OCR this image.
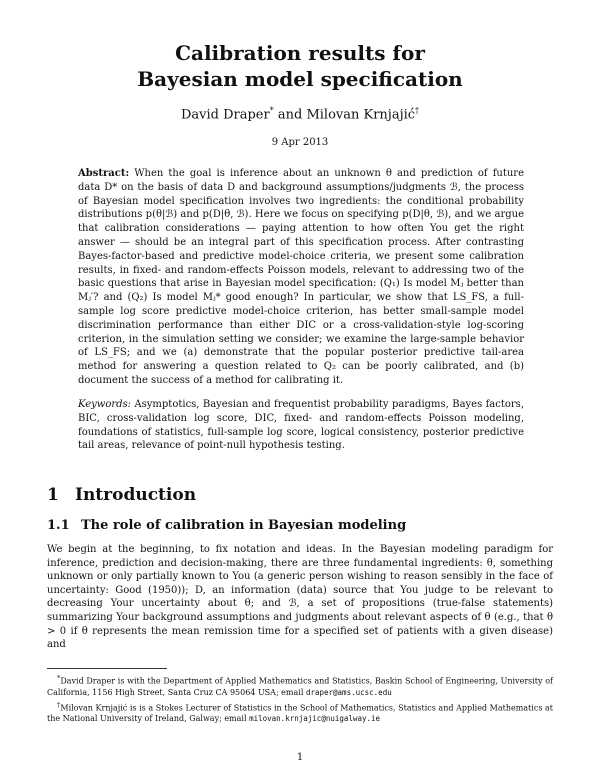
Calibration results for
Bayesian model specification
David Draper* and Milovan Krnjajić†
9 Apr 2013
Abstract: When the goal is inference about an unknown θ and prediction of future data D* on the basis of data D and background assumptions/judgments ℬ, the process of Bayesian model specification involves two ingredients: the conditional probability distributions p(θ|ℬ) and p(D|θ, ℬ). Here we focus on specifying p(D|θ, ℬ), and we argue that calibration considerations — paying attention to how often You get the right answer — should be an integral part of this specification process. After contrasting Bayes-factor-based and predictive model-choice criteria, we present some calibration results, in fixed- and random-effects Poisson models, relevant to addressing two of the basic questions that arise in Bayesian model specification: (Q₁) Is model Mⱼ better than Mⱼ′? and (Q₂) Is model Mⱼ* good enough? In particular, we show that LS_FS, a full-sample log score predictive model-choice criterion, has better small-sample model discrimination performance than either DIC or a cross-validation-style log-scoring criterion, in the simulation setting we consider; we examine the large-sample behavior of LS_FS; and we (a) demonstrate that the popular posterior predictive tail-area method for answering a question related to Q₂ can be poorly calibrated, and (b) document the success of a method for calibrating it.
Keywords: Asymptotics, Bayesian and frequentist probability paradigms, Bayes factors, BIC, cross-validation log score, DIC, fixed- and random-effects Poisson modeling, foundations of statistics, full-sample log score, logical consistency, posterior predictive tail areas, relevance of point-null hypothesis testing.
1 Introduction
1.1 The role of calibration in Bayesian modeling
We begin at the beginning, to fix notation and ideas. In the Bayesian modeling paradigm for inference, prediction and decision-making, there are three fundamental ingredients: θ, something unknown or only partially known to You (a generic person wishing to reason sensibly in the face of uncertainty: Good (1950)); D, an information (data) source that You judge to be relevant to decreasing Your uncertainty about θ; and ℬ, a set of propositions (true-false statements) summarizing Your background assumptions and judgments about relevant aspects of θ (e.g., that θ > 0 if θ represents the mean remission time for a specified set of patients with a given disease) and

*David Draper is with the Department of Applied Mathematics and Statistics, Baskin School of Engineering, University of California, 1156 High Street, Santa Cruz CA 95064 USA; email draper@ams.ucsc.edu

†Milovan Krnjajić is is a Stokes Lecturer of Statistics in the School of Mathematics, Statistics and Applied Mathematics at the National University of Ireland, Galway; email milovan.krnjajic@nuigalway.ie

1
